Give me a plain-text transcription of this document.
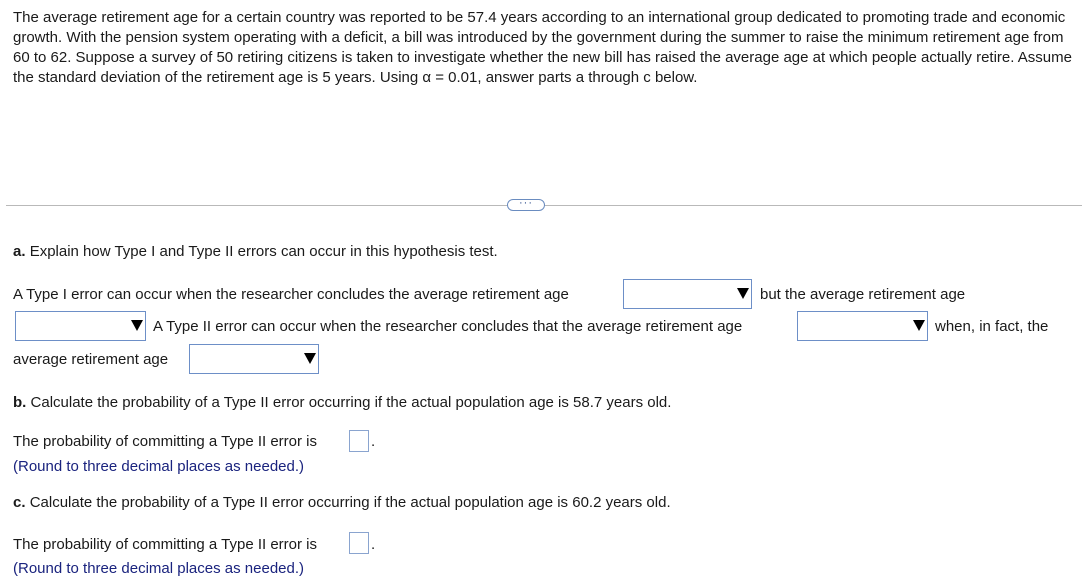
The average retirement age for a certain country was reported to be 57.4 years according to an international group dedicated to promoting trade and economic growth. With the pension system operating with a deficit, a bill was introduced by the government during the summer to raise the minimum retirement age from 60 to 62. Suppose a survey of 50 retiring citizens is taken to investigate whether the new bill has raised the average age at which people actually retire. Assume the standard deviation of the retirement age is 5 years. Using α = 0.01, answer parts a through c below.
···
a. Explain how Type I and Type II errors can occur in this hypothesis test.
A Type I error can occur when the researcher concludes the average retirement age	but the average retirement age
A Type II error can occur when the researcher concludes that the average retirement age	when, in fact, the
average retirement age
b. Calculate the probability of a Type II error occurring if the actual population age is 58.7 years old.
The probability of committing a Type II error is	.
(Round to three decimal places as needed.)
c. Calculate the probability of a Type II error occurring if the actual population age is 60.2 years old.
The probability of committing a Type II error is	.
(Round to three decimal places as needed.)
